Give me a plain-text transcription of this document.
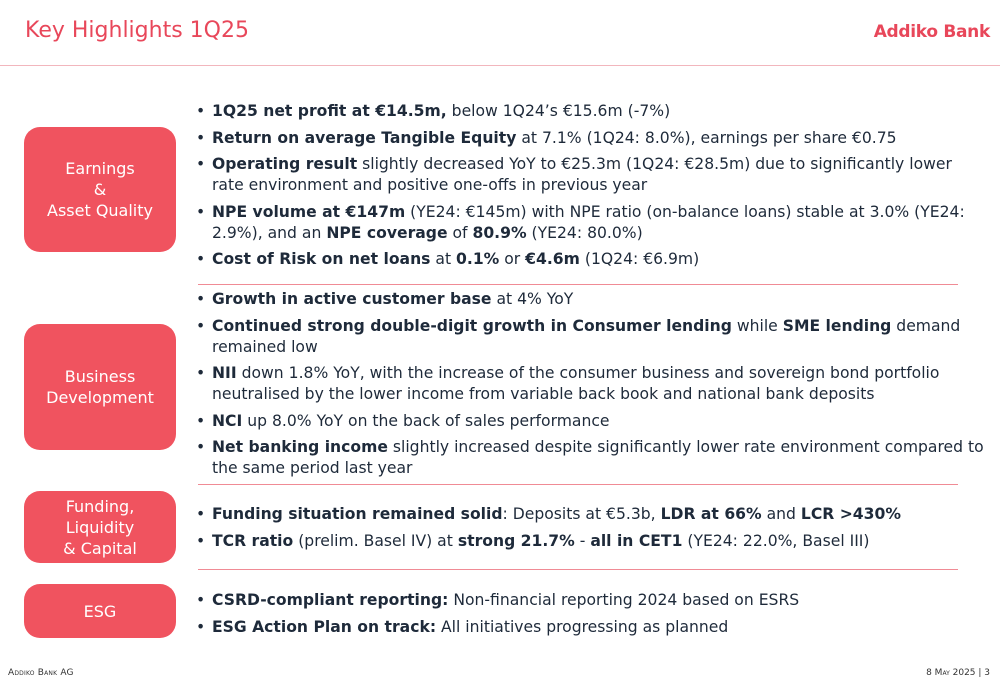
Key Highlights 1Q25	Addiko Bank
Earnings
&
Asset Quality
Business
Development
Funding,
Liquidity
& Capital
ESG
• 1Q25 net profit at €14.5m, below 1Q24’s €15.6m (-7%)
• Return on average Tangible Equity at 7.1% (1Q24: 8.0%), earnings per share €0.75
• Operating result slightly decreased YoY to €25.3m (1Q24: €28.5m) due to significantly lower rate environment and positive one-offs in previous year
• NPE volume at €147m (YE24: €145m) with NPE ratio (on-balance loans) stable at 3.0% (YE24: 2.9%), and an NPE coverage of 80.9% (YE24: 80.0%)
• Cost of Risk on net loans at 0.1% or €4.6m (1Q24: €6.9m)
• Growth in active customer base at 4% YoY
• Continued strong double-digit growth in Consumer lending while SME lending demand remained low
• NII down 1.8% YoY, with the increase of the consumer business and sovereign bond portfolio neutralised by the lower income from variable back book and national bank deposits
• NCI up 8.0% YoY on the back of sales performance
• Net banking income slightly increased despite significantly lower rate environment compared to the same period last year
• Funding situation remained solid: Deposits at €5.3b, LDR at 66% and LCR >430%
• TCR ratio (prelim. Basel IV) at strong 21.7% - all in CET1 (YE24: 22.0%, Basel III)
• CSRD-compliant reporting: Non-financial reporting 2024 based on ESRS
• ESG Action Plan on track: All initiatives progressing as planned
Addiko Bank AG	8 May 2025 | 3
